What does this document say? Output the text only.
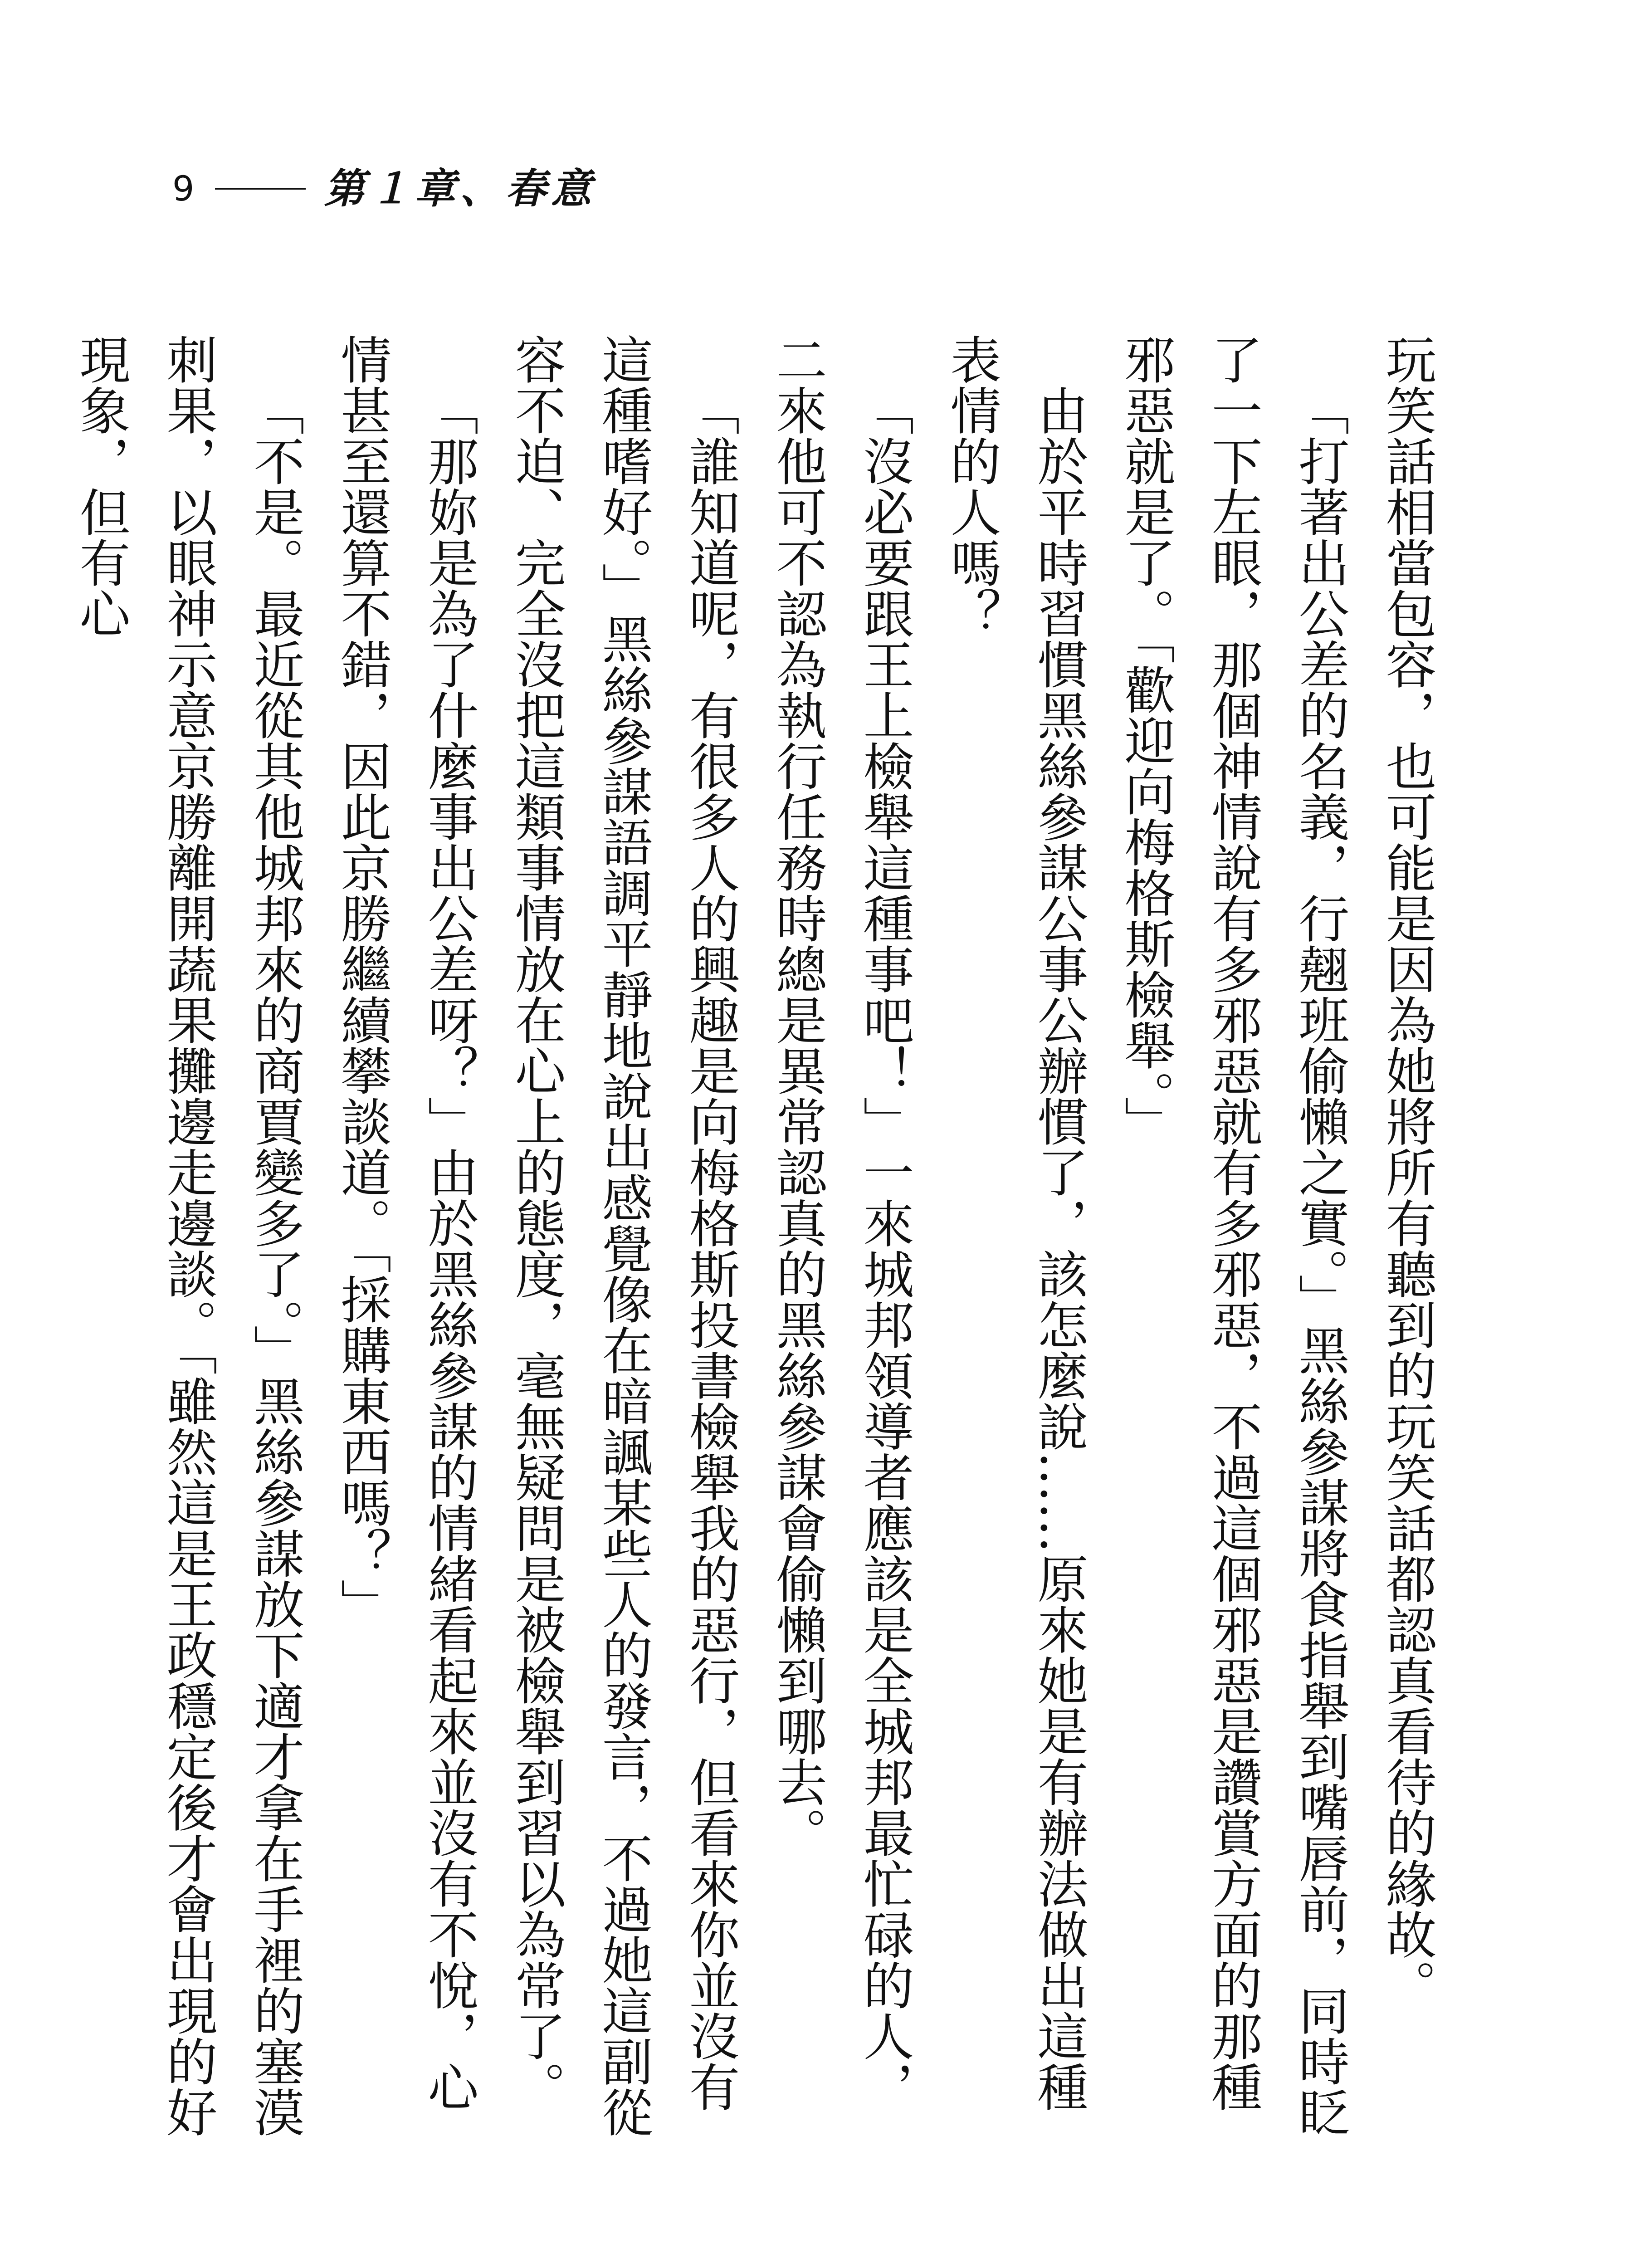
9	第１章、春意

玩笑話相當包容，也可能是因為她將所有聽到的玩笑話都認真看待的緣故。

「打著出公差的名義，行翹班偷懶之實。」黑絲參謀將食指舉到嘴唇前，同時眨了一下左眼，那個神情說有多邪惡就有多邪惡，不過這個邪惡是讚賞方面的那種邪惡就是了。「歡迎向梅格斯檢舉。」

由於平時習慣黑絲參謀公事公辦慣了，該怎麼說……原來她是有辦法做出這種表情的人嗎？

「沒必要跟王上檢舉這種事吧！」一來城邦領導者應該是全城邦最忙碌的人，二來他可不認為執行任務時總是異常認真的黑絲參謀會偷懶到哪去。

「誰知道呢，有很多人的興趣是向梅格斯投書檢舉我的惡行，但看來你並沒有這種嗜好。」黑絲參謀語調平靜地說出感覺像在暗諷某些人的發言，不過她這副從容不迫、完全沒把這類事情放在心上的態度，毫無疑問是被檢舉到習以為常了。

「那妳是為了什麼事出公差呀？」由於黑絲參謀的情緒看起來並沒有不悅，心情甚至還算不錯，因此京勝繼續攀談道。「採購東西嗎？」

「不是。最近從其他城邦來的商賈變多了。」黑絲參謀放下適才拿在手裡的塞漠刺果，以眼神示意京勝離開蔬果攤邊走邊談。「雖然這是王政穩定後才會出現的好現象，但有心
